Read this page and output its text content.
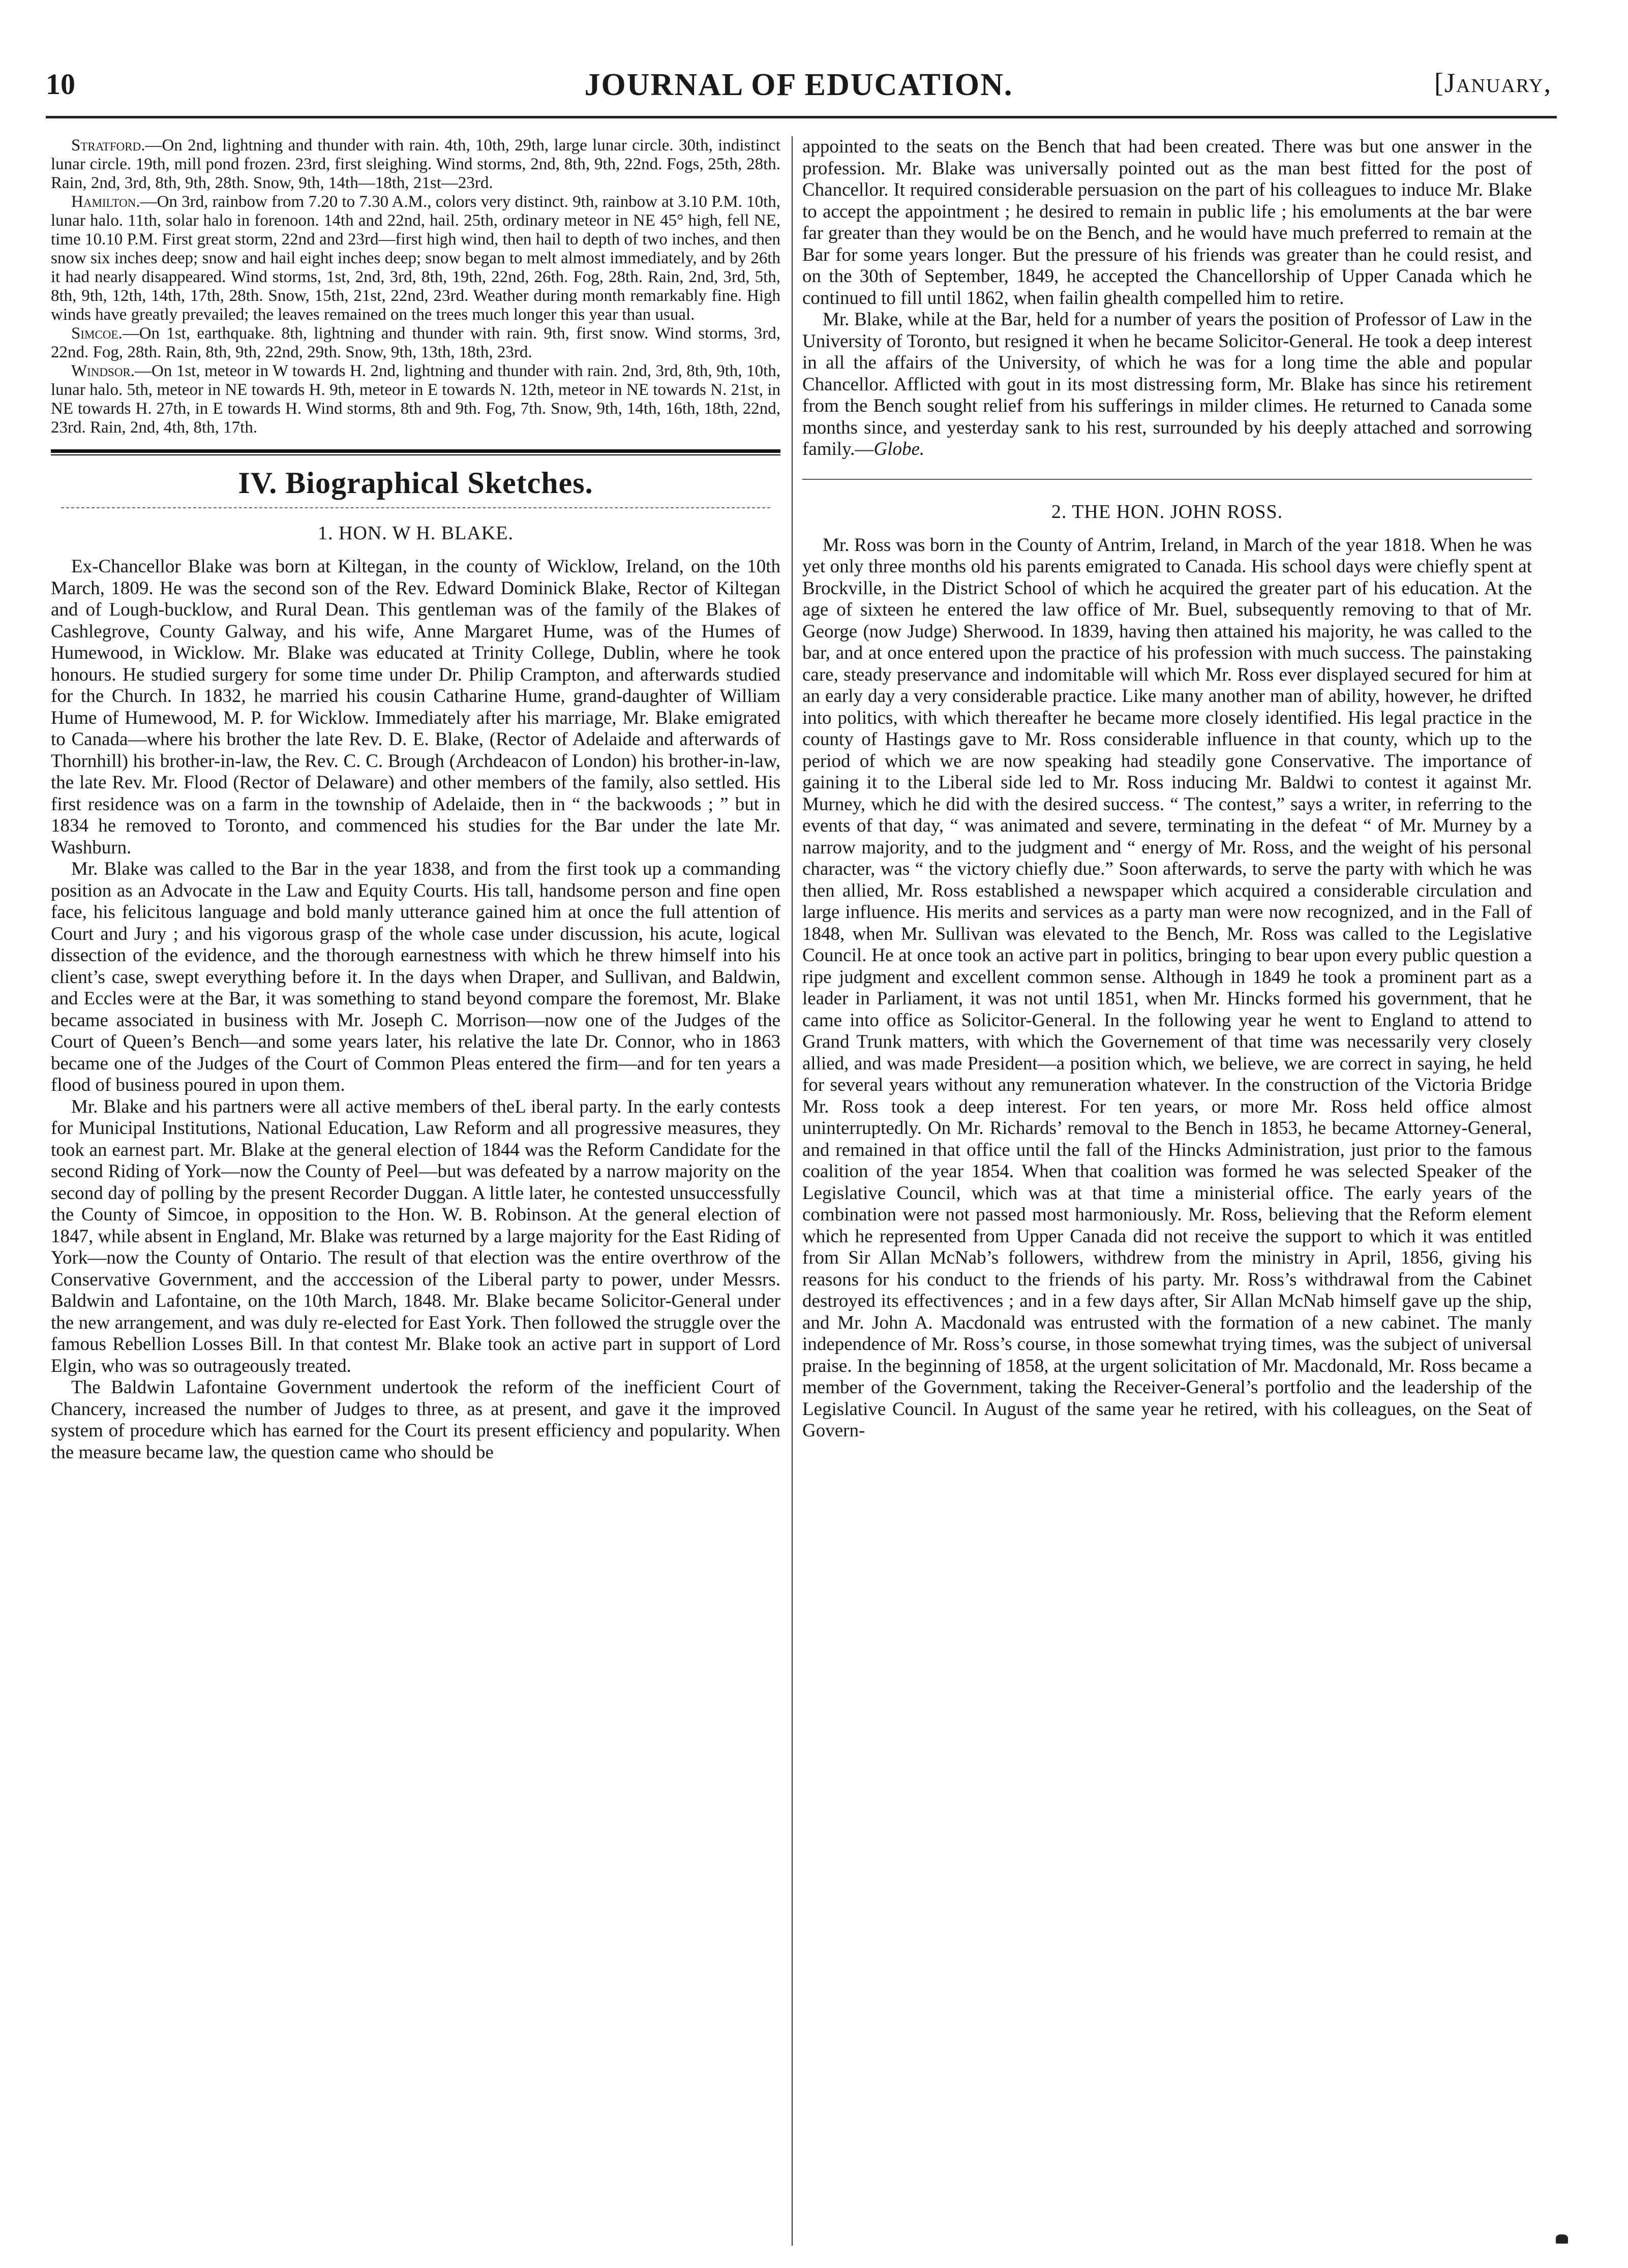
10	JOURNAL OF EDUCATION.	[January,

Stratford.—On 2nd, lightning and thunder with rain. 4th, 10th, 29th, large lunar circle. 30th, indistinct lunar circle. 19th, mill pond frozen. 23rd, first sleighing. Wind storms, 2nd, 8th, 9th, 22nd. Fogs, 25th, 28th. Rain, 2nd, 3rd, 8th, 9th, 28th. Snow, 9th, 14th—18th, 21st—23rd.

Hamilton.—On 3rd, rainbow from 7.20 to 7.30 A.M., colors very distinct. 9th, rainbow at 3.10 P.M. 10th, lunar halo. 11th, solar halo in forenoon. 14th and 22nd, hail. 25th, ordinary meteor in NE 45° high, fell NE, time 10.10 P.M. First great storm, 22nd and 23rd—first high wind, then hail to depth of two inches, and then snow six inches deep; snow and hail eight inches deep; snow began to melt almost immediately, and by 26th it had nearly disappeared. Wind storms, 1st, 2nd, 3rd, 8th, 19th, 22nd, 26th. Fog, 28th. Rain, 2nd, 3rd, 5th, 8th, 9th, 12th, 14th, 17th, 28th. Snow, 15th, 21st, 22nd, 23rd. Weather during month remarkably fine. High winds have greatly prevailed; the leaves remained on the trees much longer this year than usual.

Simcoe.—On 1st, earthquake. 8th, lightning and thunder with rain. 9th, first snow. Wind storms, 3rd, 22nd. Fog, 28th. Rain, 8th, 9th, 22nd, 29th. Snow, 9th, 13th, 18th, 23rd.

Windsor.—On 1st, meteor in W towards H. 2nd, lightning and thunder with rain. 2nd, 3rd, 8th, 9th, 10th, lunar halo. 5th, meteor in NE towards H. 9th, meteor in E towards N. 12th, meteor in NE towards N. 21st, in NE towards H. 27th, in E towards H. Wind storms, 8th and 9th. Fog, 7th. Snow, 9th, 14th, 16th, 18th, 22nd, 23rd. Rain, 2nd, 4th, 8th, 17th.

IV. Biographical Sketches.
1. HON. W H. BLAKE.

Ex-Chancellor Blake was born at Kiltegan, in the county of Wicklow, Ireland, on the 10th March, 1809. He was the second son of the Rev. Edward Dominick Blake, Rector of Kiltegan and of Lough-bucklow, and Rural Dean. This gentleman was of the family of the Blakes of Cashlegrove, County Galway, and his wife, Anne Margaret Hume, was of the Humes of Humewood, in Wicklow. Mr. Blake was educated at Trinity College, Dublin, where he took honours. He studied surgery for some time under Dr. Philip Crampton, and afterwards studied for the Church. In 1832, he married his cousin Catharine Hume, grand-daughter of William Hume of Humewood, M. P. for Wicklow. Immediately after his marriage, Mr. Blake emigrated to Canada—where his brother the late Rev. D. E. Blake, (Rector of Adelaide and afterwards of Thornhill) his brother-in-law, the Rev. C. C. Brough (Archdeacon of London) his brother-in-law, the late Rev. Mr. Flood (Rector of Delaware) and other members of the family, also settled. His first residence was on a farm in the township of Adelaide, then in “ the backwoods ; ” but in 1834 he removed to Toronto, and commenced his studies for the Bar under the late Mr. Washburn.

Mr. Blake was called to the Bar in the year 1838, and from the first took up a commanding position as an Advocate in the Law and Equity Courts. His tall, handsome person and fine open face, his felicitous language and bold manly utterance gained him at once the full attention of Court and Jury ; and his vigorous grasp of the whole case under discussion, his acute, logical dissection of the evidence, and the thorough earnestness with which he threw himself into his client’s case, swept everything before it. In the days when Draper, and Sullivan, and Baldwin, and Eccles were at the Bar, it was something to stand beyond compare the foremost, Mr. Blake became associated in business with Mr. Joseph C. Morrison—now one of the Judges of the Court of Queen’s Bench—and some years later, his relative the late Dr. Connor, who in 1863 became one of the Judges of the Court of Common Pleas entered the firm—and for ten years a flood of business poured in upon them.

Mr. Blake and his partners were all active members of theL iberal party. In the early contests for Municipal Institutions, National Education, Law Reform and all progressive measures, they took an earnest part. Mr. Blake at the general election of 1844 was the Reform Candidate for the second Riding of York—now the County of Peel—but was defeated by a narrow majority on the second day of polling by the present Recorder Duggan. A little later, he contested unsuccessfully the County of Simcoe, in opposition to the Hon. W. B. Robinson. At the general election of 1847, while absent in England, Mr. Blake was returned by a large majority for the East Riding of York—now the County of Ontario. The result of that election was the entire overthrow of the Conservative Government, and the acccession of the Liberal party to power, under Messrs. Baldwin and Lafontaine, on the 10th March, 1848. Mr. Blake became Solicitor-General under the new arrangement, and was duly re-elected for East York. Then followed the struggle over the famous Rebellion Losses Bill. In that contest Mr. Blake took an active part in support of Lord Elgin, who was so outrageously treated.

The Baldwin Lafontaine Government undertook the reform of the inefficient Court of Chancery, increased the number of Judges to three, as at present, and gave it the improved system of procedure which has earned for the Court its present efficiency and popularity. When the measure became law, the question came who should be

appointed to the seats on the Bench that had been created. There was but one answer in the profession. Mr. Blake was universally pointed out as the man best fitted for the post of Chancellor. It required considerable persuasion on the part of his colleagues to induce Mr. Blake to accept the appointment ; he desired to remain in public life ; his emoluments at the bar were far greater than they would be on the Bench, and he would have much preferred to remain at the Bar for some years longer. But the pressure of his friends was greater than he could resist, and on the 30th of September, 1849, he accepted the Chancellorship of Upper Canada which he continued to fill until 1862, when failin ghealth compelled him to retire.

Mr. Blake, while at the Bar, held for a number of years the position of Professor of Law in the University of Toronto, but resigned it when he became Solicitor-General. He took a deep interest in all the affairs of the University, of which he was for a long time the able and popular Chancellor. Afflicted with gout in its most distressing form, Mr. Blake has since his retirement from the Bench sought relief from his sufferings in milder climes. He returned to Canada some months since, and yesterday sank to his rest, surrounded by his deeply attached and sorrowing family.—Globe.

2. THE HON. JOHN ROSS.

Mr. Ross was born in the County of Antrim, Ireland, in March of the year 1818. When he was yet only three months old his parents emigrated to Canada. His school days were chiefly spent at Brockville, in the District School of which he acquired the greater part of his education. At the age of sixteen he entered the law office of Mr. Buel, subsequently removing to that of Mr. George (now Judge) Sherwood. In 1839, having then attained his majority, he was called to the bar, and at once entered upon the practice of his profession with much success. The painstaking care, steady preservance and indomitable will which Mr. Ross ever displayed secured for him at an early day a very considerable practice. Like many another man of ability, however, he drifted into politics, with which thereafter he became more closely identified. His legal practice in the county of Hastings gave to Mr. Ross considerable influence in that county, which up to the period of which we are now speaking had steadily gone Conservative. The importance of gaining it to the Liberal side led to Mr. Ross inducing Mr. Baldwi to contest it against Mr. Murney, which he did with the desired success. “ The contest,” says a writer, in referring to the events of that day, “ was animated and severe, terminating in the defeat “ of Mr. Murney by a narrow majority, and to the judgment and “ energy of Mr. Ross, and the weight of his personal character, was “ the victory chiefly due.” Soon afterwards, to serve the party with which he was then allied, Mr. Ross established a newspaper which acquired a considerable circulation and large influence. His merits and services as a party man were now recognized, and in the Fall of 1848, when Mr. Sullivan was elevated to the Bench, Mr. Ross was called to the Legislative Council. He at once took an active part in politics, bringing to bear upon every public question a ripe judgment and excellent common sense. Although in 1849 he took a prominent part as a leader in Parliament, it was not until 1851, when Mr. Hincks formed his government, that he came into office as Solicitor-General. In the following year he went to England to attend to Grand Trunk matters, with which the Governement of that time was necessarily very closely allied, and was made President—a position which, we believe, we are correct in saying, he held for several years without any remuneration whatever. In the construction of the Victoria Bridge Mr. Ross took a deep interest. For ten years, or more Mr. Ross held office almost uninterruptedly. On Mr. Richards’ removal to the Bench in 1853, he became Attorney-General, and remained in that office until the fall of the Hincks Administration, just prior to the famous coalition of the year 1854. When that coalition was formed he was selected Speaker of the Legislative Council, which was at that time a ministerial office. The early years of the combination were not passed most harmoniously. Mr. Ross, believing that the Reform element which he represented from Upper Canada did not receive the support to which it was entitled from Sir Allan McNab’s followers, withdrew from the ministry in April, 1856, giving his reasons for his conduct to the friends of his party. Mr. Ross’s withdrawal from the Cabinet destroyed its effectivences ; and in a few days after, Sir Allan McNab himself gave up the ship, and Mr. John A. Macdonald was entrusted with the formation of a new cabinet. The manly independence of Mr. Ross’s course, in those somewhat trying times, was the subject of universal praise. In the beginning of 1858, at the urgent solicitation of Mr. Macdonald, Mr. Ross became a member of the Government, taking the Receiver-General’s portfolio and the leadership of the Legislative Council. In August of the same year he retired, with his colleagues, on the Seat of Govern-
